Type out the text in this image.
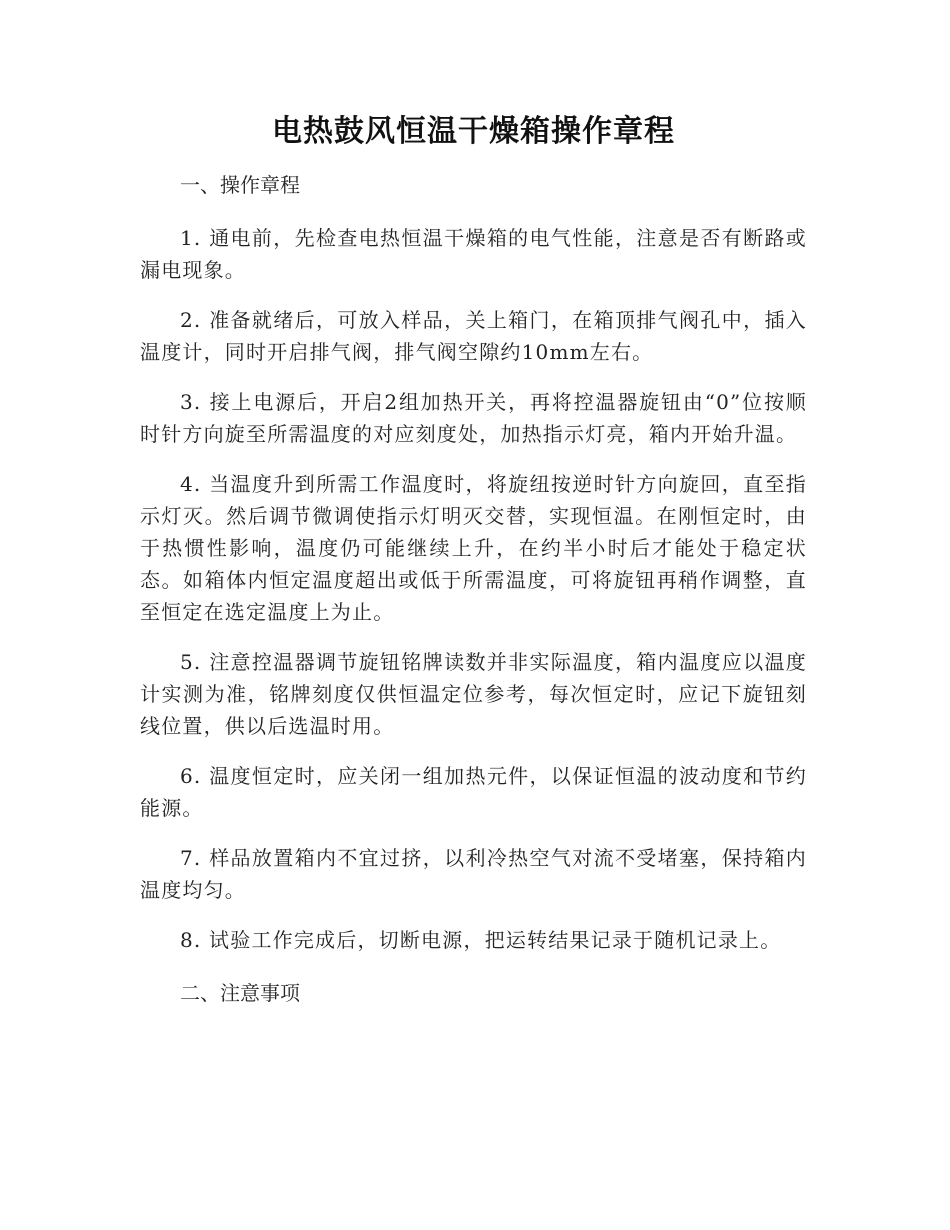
电热鼓风恒温干燥箱操作章程
一、操作章程

1. 通电前，先检查电热恒温干燥箱的电气性能，注意是否有断路或漏电现象。

2. 准备就绪后，可放入样品，关上箱门，在箱顶排气阀孔中，插入温度计，同时开启排气阀，排气阀空隙约10mm左右。

3. 接上电源后，开启2组加热开关，再将控温器旋钮由“0”位按顺时针方向旋至所需温度的对应刻度处，加热指示灯亮，箱内开始升温。

4. 当温度升到所需工作温度时，将旋纽按逆时针方向旋回，直至指示灯灭。然后调节微调使指示灯明灭交替，实现恒温。在刚恒定时，由于热惯性影响，温度仍可能继续上升，在约半小时后才能处于稳定状态。如箱体内恒定温度超出或低于所需温度，可将旋钮再稍作调整，直至恒定在选定温度上为止。

5. 注意控温器调节旋钮铭牌读数并非实际温度，箱内温度应以温度计实测为准，铭牌刻度仅供恒温定位参考，每次恒定时，应记下旋钮刻线位置，供以后选温时用。

6. 温度恒定时，应关闭一组加热元件，以保证恒温的波动度和节约能源。

7. 样品放置箱内不宜过挤，以利冷热空气对流不受堵塞，保持箱内温度均匀。

8. 试验工作完成后，切断电源，把运转结果记录于随机记录上。

二、注意事项
